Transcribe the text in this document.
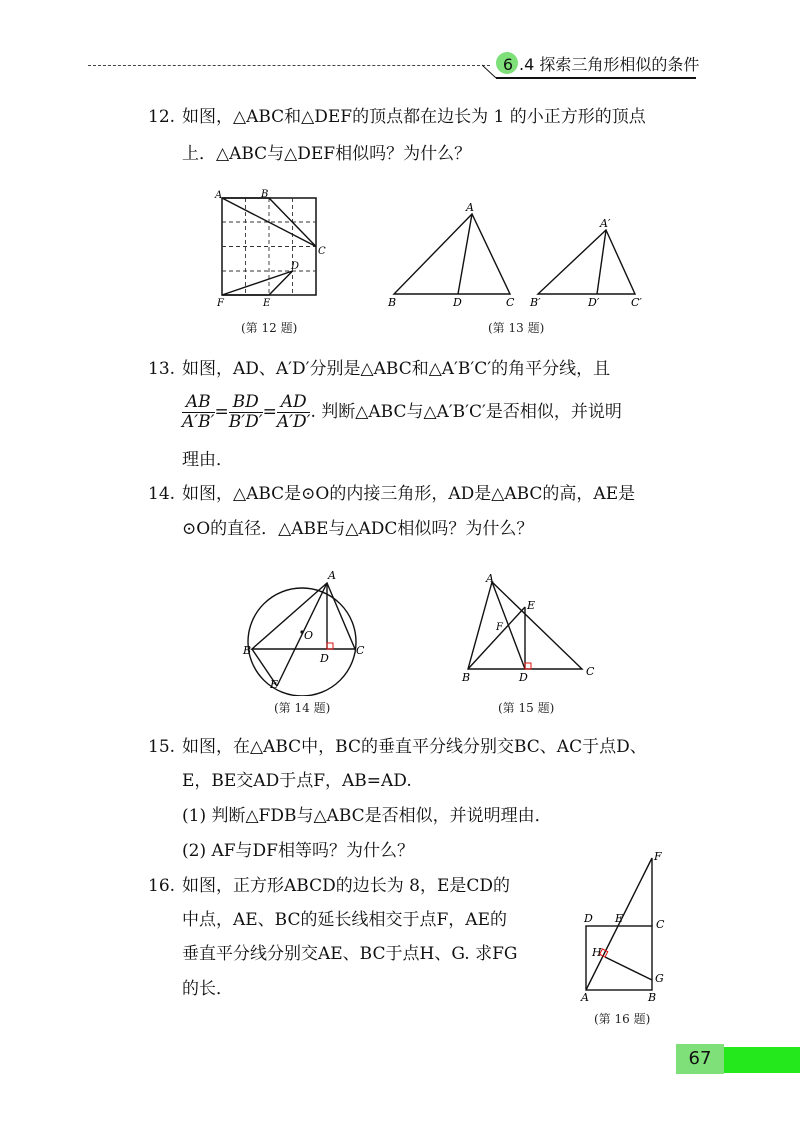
6 .4 探索三角形相似的条件
12. 如图，△ABC和△DEF的顶点都在边长为 1 的小正方形的顶点
上．△ABC与△DEF相似吗？为什么？
A	B
C
D
F	E
(第 12 题)
A
B	D	C
A′
B′	D′	C′
(第 13 题)
13. 如图，AD、A′D′分别是△ABC和△A′B′C′的角平分线，且
$\frac{AB}{A'B'} = \frac{BD}{B'D'} = \frac{AD}{A'D'}$ . 判断△ABC与△A′B′C′是否相似，并说明
理由．
14. 如图，△ABC是⊙O的内接三角形，AD是△ABC的高，AE是
⊙O的直径．△ABE与△ADC相似吗？为什么？
A
O
B
D
C
E
(第 14 题)
A
E
F
B	D	C
(第 15 题)
15. 如图，在△ABC中，BC的垂直平分线分别交BC、AC于点D、
E，BE交AD于点F，AB=AD.
(1) 判断△FDB与△ABC是否相似，并说明理由．
(2) AF与DF相等吗？为什么？
16. 如图，正方形ABCD的边长为 8，E是CD的
中点，AE、BC的延长线相交于点F，AE的
垂直平分线分别交AE、BC于点H、G. 求FG
的长．
F
D E	C
H
G
A	B
(第 16 题)
67
